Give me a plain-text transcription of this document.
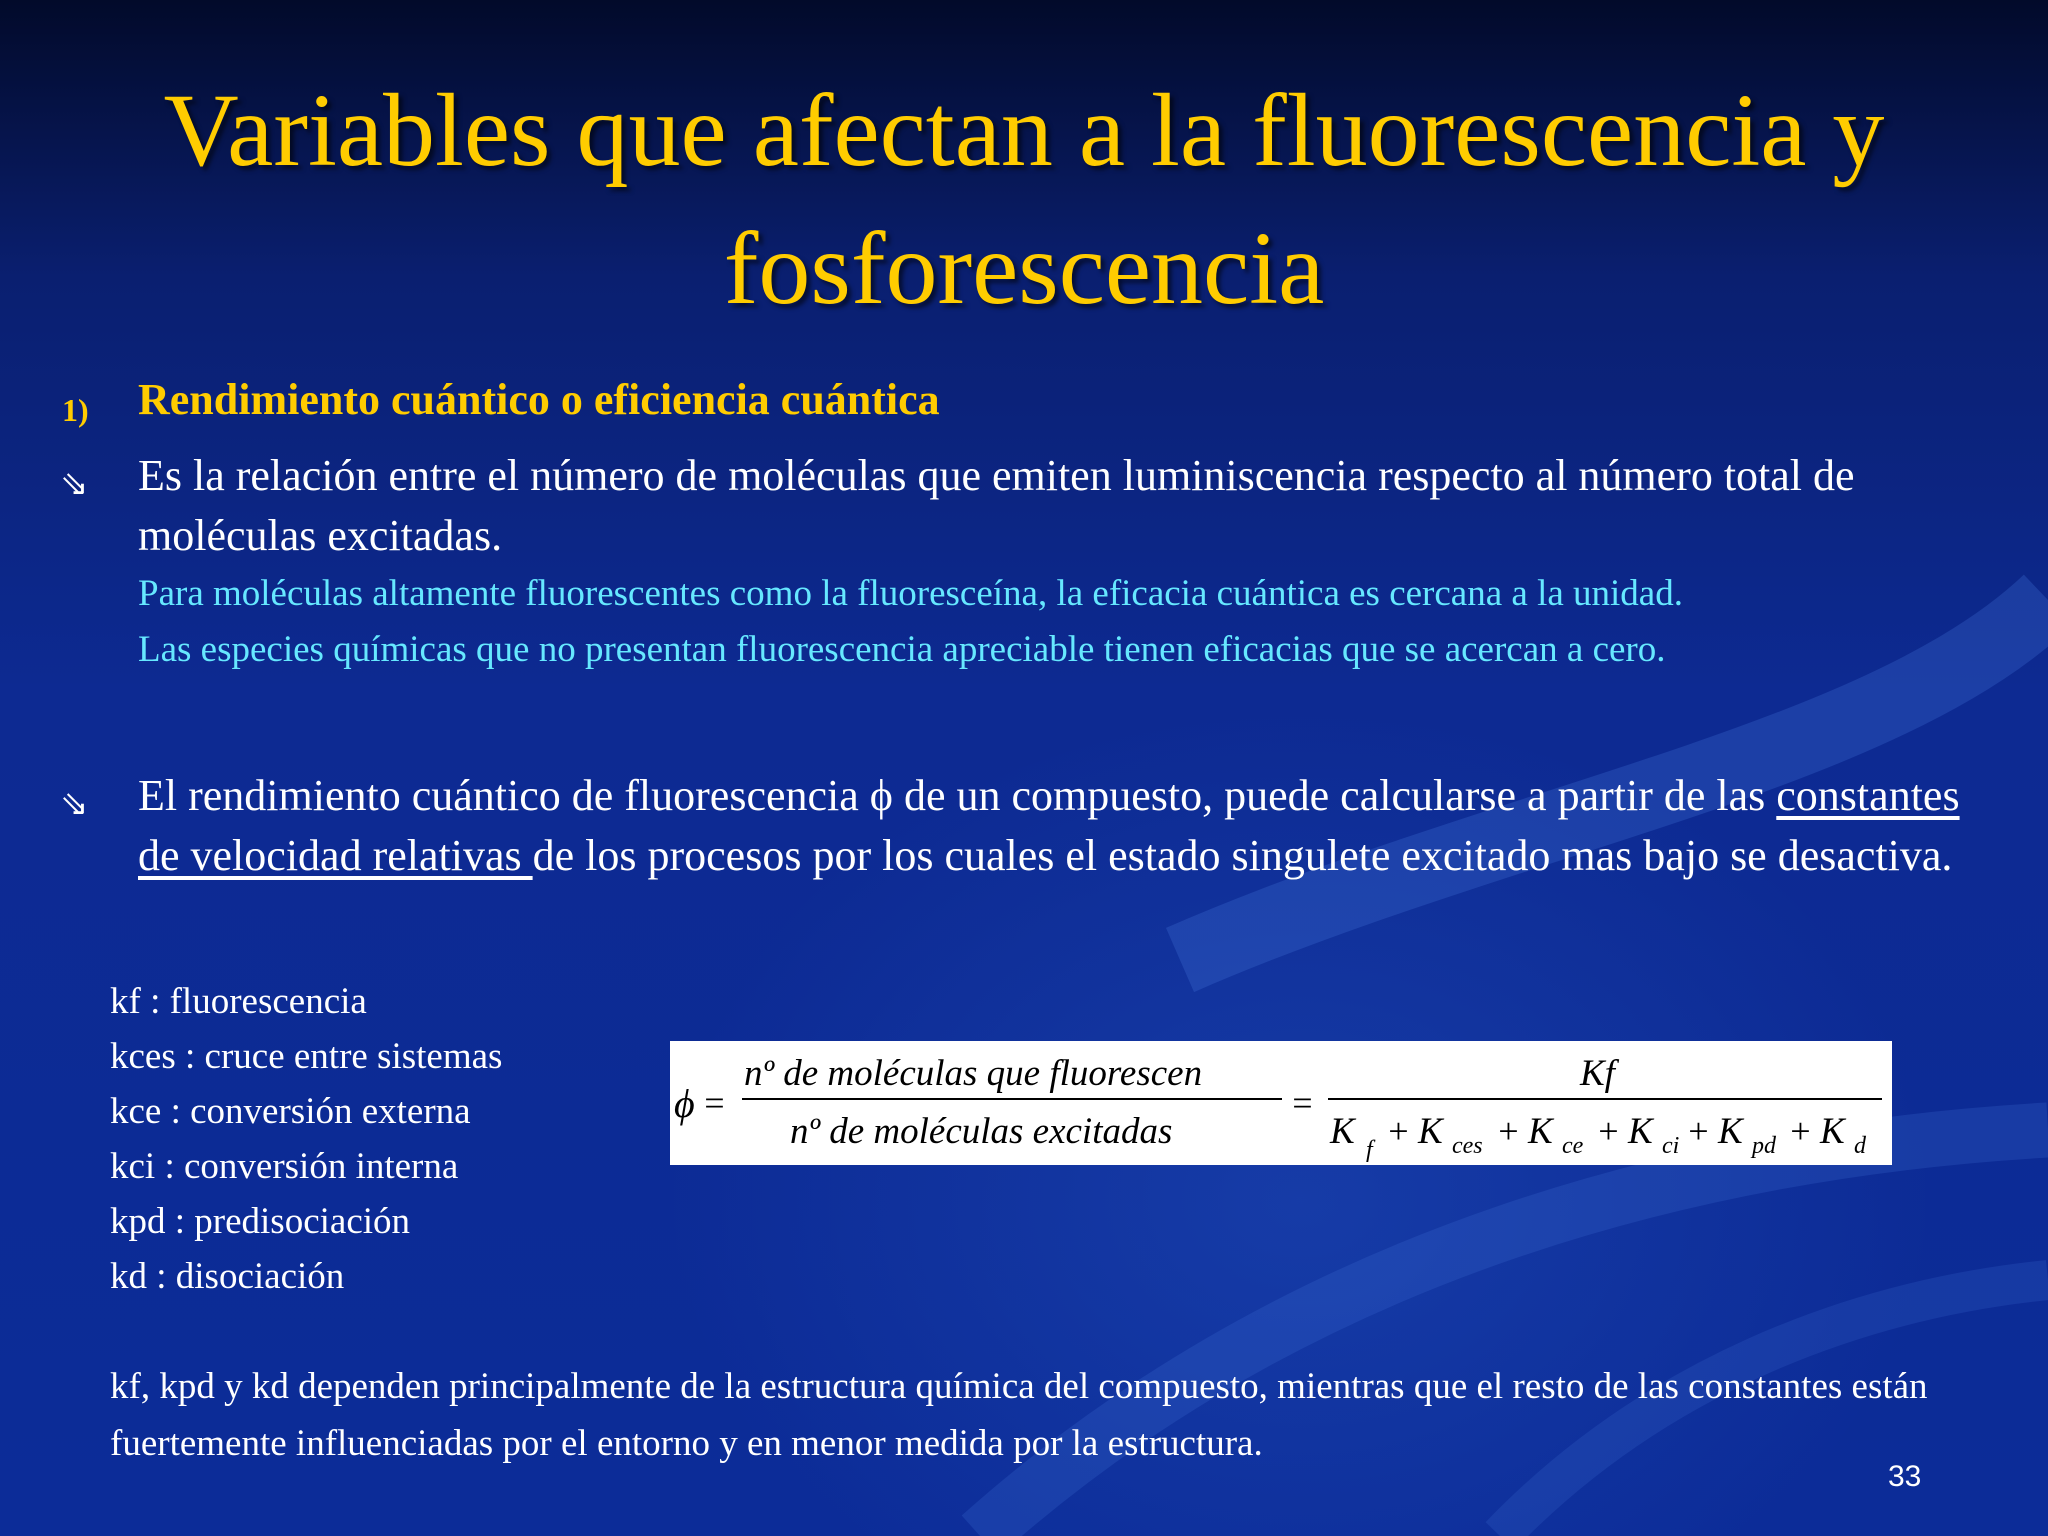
Variables que afectan a la fluorescencia y
fosforescencia
1) Rendimiento cuántico o eficiencia cuántica
⇘ Es la relación entre el número de moléculas que emiten luminiscencia respecto al número total de moléculas excitadas.
Para moléculas altamente fluorescentes como la fluoresceína, la eficacia cuántica es cercana a la unidad.
Las especies químicas que no presentan fluorescencia apreciable tienen eficacias que se acercan a cero.
⇘ El rendimiento cuántico de fluorescencia ϕ de un compuesto, puede calcularse a partir de las constantes de velocidad relativas de los procesos por los cuales el estado singulete excitado mas bajo se desactiva.
kf : fluorescencia
kces : cruce entre sistemas
kce : conversión externa
kci : conversión interna
kpd : predisociación
kd : disociación
ϕ =
nº de moléculas que fluorescen
nº de moléculas excitadas
=
Kf
K f + K ces + K ce + K ci + K pd + K d
kf, kpd y kd dependen principalmente de la estructura química del compuesto, mientras que el resto de las constantes están fuertemente influenciadas por el entorno y en menor medida por la estructura.
33
